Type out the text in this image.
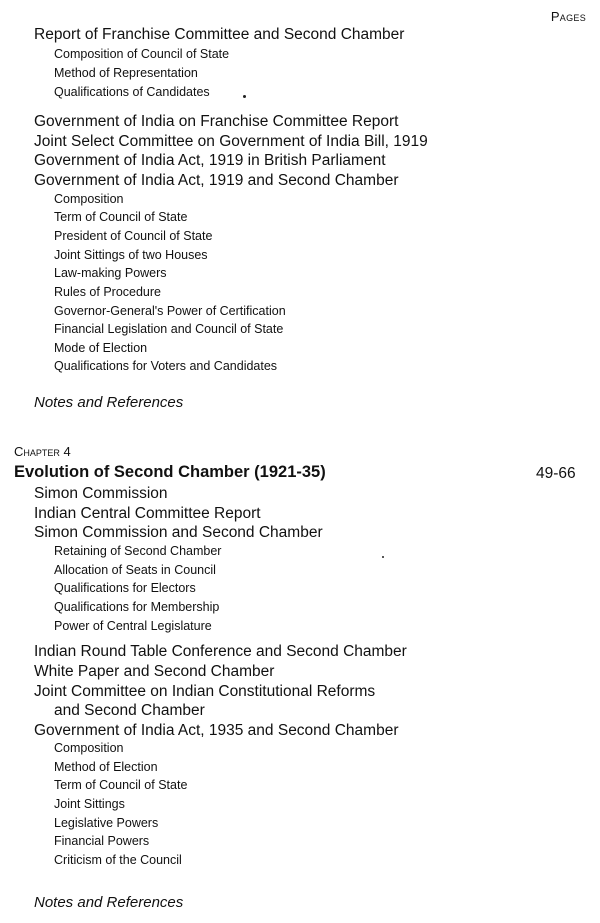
Pages
Report of Franchise Committee and Second Chamber
Composition of Council of State
Method of Representation
Qualifications of Candidates
Government of India on Franchise Committee Report
Joint Select Committee on Government of India Bill, 1919
Government of India Act, 1919 in British Parliament
Government of India Act, 1919 and Second Chamber
Composition
Term of Council of State
President of Council of State
Joint Sittings of two Houses
Law-making Powers
Rules of Procedure
Governor-General's Power of Certification
Financial Legislation and Council of State
Mode of Election
Qualifications for Voters and Candidates
Notes and References
Chapter 4
Evolution of Second Chamber (1921-35)	49-66
Simon Commission
Indian Central Committee Report
Simon Commission and Second Chamber
Retaining of Second Chamber
Allocation of Seats in Council
Qualifications for Electors
Qualifications for Membership
Power of Central Legislature
Indian Round Table Conference and Second Chamber
White Paper and Second Chamber
Joint Committee on Indian Constitutional Reforms
and Second Chamber
Government of India Act, 1935 and Second Chamber
Composition
Method of Election
Term of Council of State
Joint Sittings
Legislative Powers
Financial Powers
Criticism of the Council
Notes and References
